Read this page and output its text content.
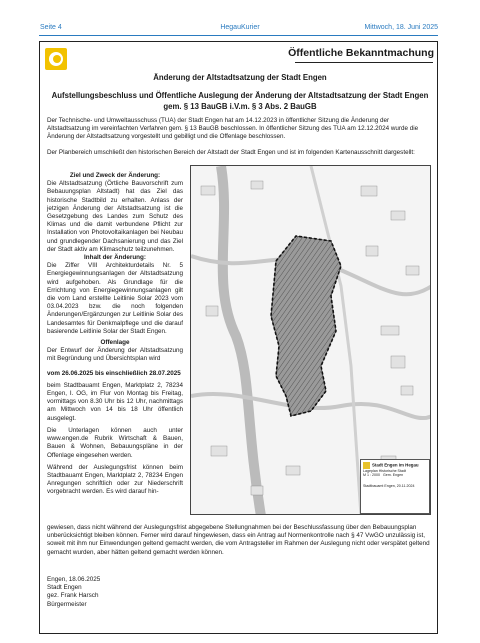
Seite 4	HegauKurier	Mittwoch, 18. Juni 2025
Öffentliche Bekanntmachung
Änderung der Altstadtsatzung der Stadt Engen
Aufstellungsbeschluss und Öffentliche Auslegung der Änderung der Altstadtsatzung der Stadt Engen gem. § 13 BauGB i.V.m. § 3 Abs. 2 BauGB
Der Technische- und Umweltausschuss (TUA) der Stadt Engen hat am 14.12.2023 in öffentlicher Sitzung die Änderung der Altstadtsatzung im vereinfachten Verfahren gem. § 13 BauGB beschlossen. In öffentlicher Sitzung des TUA am 12.12.2024 wurde die Änderung der Altstadtsatzung vorgestellt und gebilligt und die Offenlage beschlossen.
Der Planbereich umschließt den historischen Bereich der Altstadt der Stadt Engen und ist im folgenden Kartenausschnitt dargestellt:
Ziel und Zweck der Änderung:
Die Altstadtsatzung (Örtliche Bauvorschrift zum Bebauungsplan Altstadt) hat das Ziel das historische Stadtbild zu erhalten. Anlass der jetzigen Änderung der Altstadtsatzung ist die Gesetzgebung des Landes zum Schutz des Klimas und die damit verbundene Pflicht zur Installation von Photovoltaikanlagen bei Neubau und grundlegender Dachsanierung und das Ziel der Stadt aktiv am Klimaschutz teilzunehmen.
Inhalt der Änderung:
Die Ziffer VIII Architekturdetails Nr. 5 Energiegewinnungsanlagen der Altstadtsatzung wird aufgehoben. Als Grundlage für die Errichtung von Energiegewinnungsanlagen gilt die vom Land erstellte Leitlinie Solar 2023 vom 03.04.2023 bzw. die noch folgenden Änderungen/Ergänzungen zur Leitlinie Solar des Landesamtes für Denkmalpflege und die darauf basierende Leitlinie Solar der Stadt Engen.
Offenlage
Der Entwurf der Änderung der Altstadtsatzung mit Begründung und Übersichtsplan wird
vom 26.06.2025 bis einschließlich 28.07.2025
beim Stadtbauamt Engen, Marktplatz 2, 78234 Engen, I. OG, im Flur von Montag bis Freitag, vormittags von 8.30 Uhr bis 12 Uhr, nachmittags am Mittwoch von 14 bis 18 Uhr öffentlich ausgelegt.
Die Unterlagen können auch unter www.engen.de Rubrik Wirtschaft & Bauen, Bauen & Wohnen, Bebauungspläne in der Offenlage eingesehen werden.
Während der Auslegungsfrist können beim Stadtbauamt Engen, Marktplatz 2, 78234 Engen Anregungen schriftlich oder zur Niederschrift vorgebracht werden. Es wird darauf hin-
Stadt Engen im Hegau
Lageplan Historische Stadt
M 1 : 2000 Gem. Engen
Stadtbauamt Engen, 20.11.2024
gewiesen, dass nicht während der Auslegungsfrist abgegebene Stellungnahmen bei der Beschlussfassung über den Bebauungsplan unberücksichtigt bleiben können. Ferner wird darauf hingewiesen, dass ein Antrag auf Normenkontrolle nach § 47 VwGO unzulässig ist, soweit mit ihm nur Einwendungen geltend gemacht werden, die vom Antragsteller im Rahmen der Auslegung nicht oder verspätet geltend gemacht wurden, aber hätten geltend gemacht werden können.
Engen, 18.06.2025
Stadt Engen
gez. Frank Harsch
Bürgermeister
